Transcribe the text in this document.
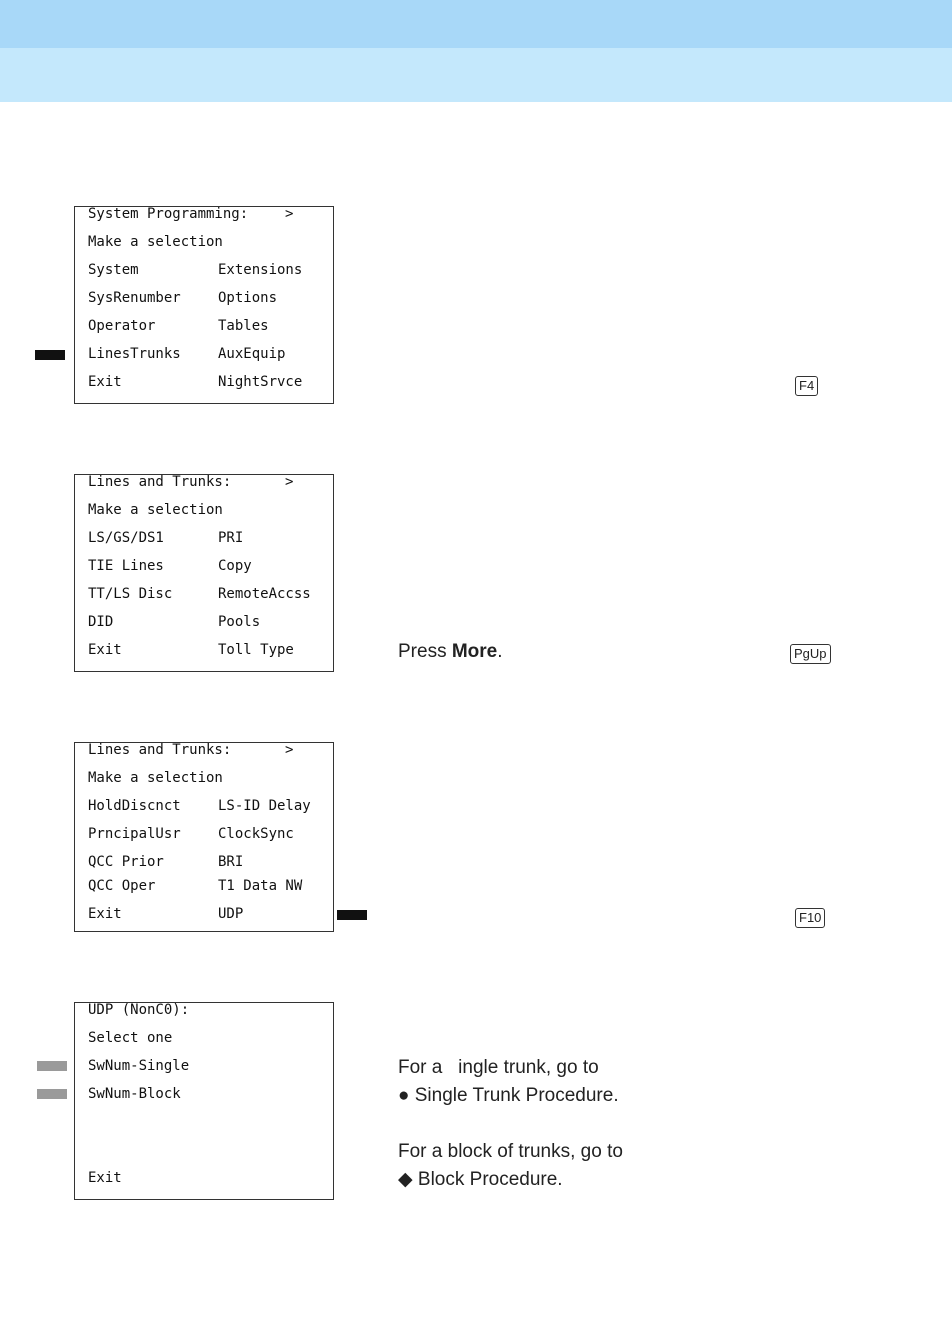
System Programming:	>
Make a selection
System	Extensions
SysRenumber	Options
Operator	Tables
LinesTrunks	AuxEquip
Exit	NightSrvce	F4
Lines and Trunks:	>
Make a selection
LS/GS/DS1	PRI
TIE Lines	Copy
TT/LS Disc	RemoteAccss
DID	Pools
Exit	Toll Type	Press More.	PgUp
Lines and Trunks:	>
Make a selection
HoldDiscnct	LS-ID Delay
PrncipalUsr	ClockSync
QCC Prior	BRI
QCC Oper	T1 Data NW
Exit	UDP	F10
UDP (NonC0):
Select one
SwNum-Single
SwNum-Block
Exit
For a   ingle trunk, go to
● Single Trunk Procedure.
For a block of trunks, go to
◆ Block Procedure.
